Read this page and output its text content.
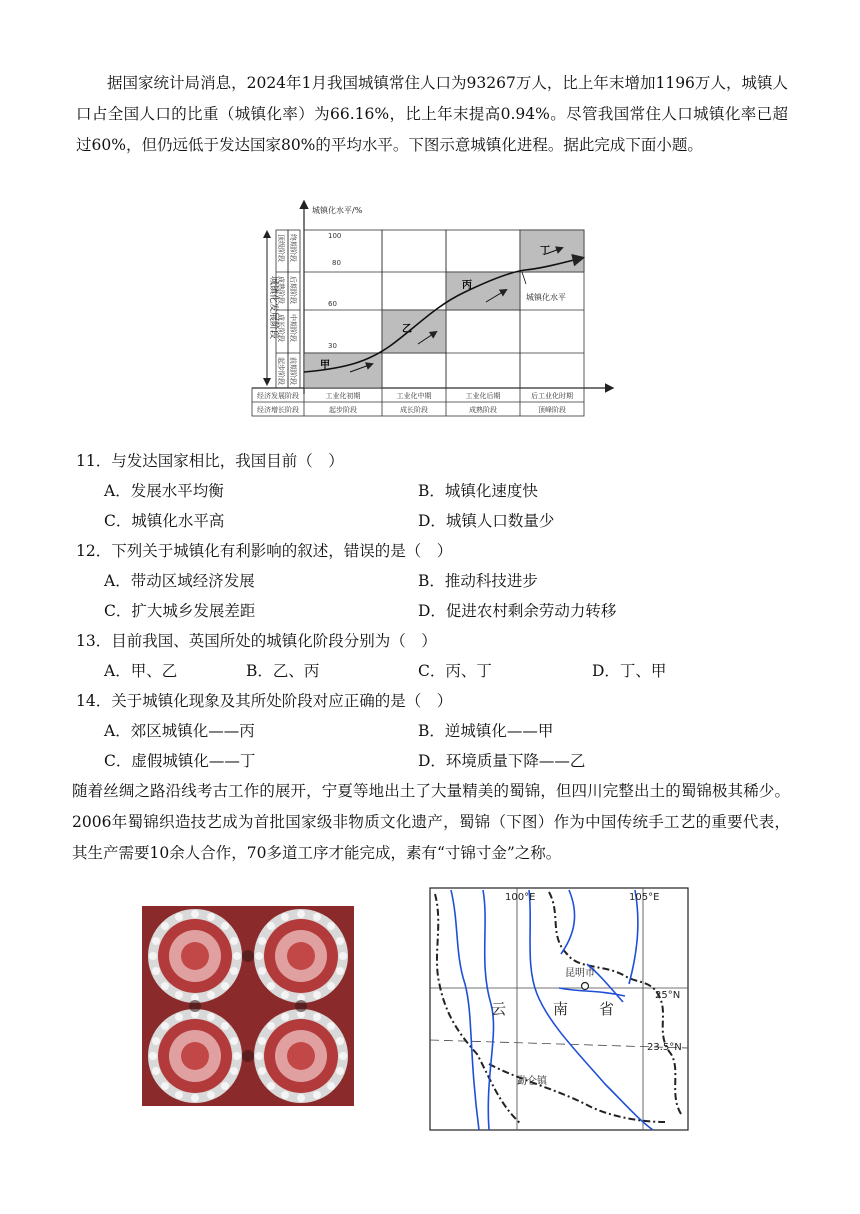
据国家统计局消息，2024年1月我国城镇常住人口为93267万人，比上年末增加1196万人，城镇人口占全国人口的比重（城镇化率）为66.16%，比上年末提高0.94%。尽管我国常住人口城镇化率已超过60%，但仍远低于发达国家80%的平均水平。下图示意城镇化进程。据此完成下面小题。
城镇化发展阶段
城镇化水平/%
甲
乙
丙
丁
100
80
60
30
顶级阶段
成熟阶段
成长阶段
起步阶段
终期阶段
后期阶段
中期阶段
前期阶段
城镇化水平
经济发展阶段	工业化初期	工业化中期	工业化后期	后工业化时期
经济增长阶段	起步阶段	成长阶段	成熟阶段	顶峰阶段
11．与发达国家相比，我国目前（　）
A．发展水平均衡	B．城镇化速度快
C．城镇化水平高	D．城镇人口数量少
12．下列关于城镇化有利影响的叙述，错误的是（　）
A．带动区域经济发展	B．推动科技进步
C．扩大城乡发展差距	D．促进农村剩余劳动力转移
13．目前我国、英国所处的城镇化阶段分别为（　）
A．甲、乙	B．乙、丙	C．丙、丁	D．丁、甲
14．关于城镇化现象及其所处阶段对应正确的是（　）
A．郊区城镇化——丙	B．逆城镇化——甲
C．虚假城镇化——丁	D．环境质量下降——乙
随着丝绸之路沿线考古工作的展开，宁夏等地出土了大量精美的蜀锦，但四川完整出土的蜀锦极其稀少。2006年蜀锦织造技艺成为首批国家级非物质文化遗产，蜀锦（下图）作为中国传统手工艺的重要代表，其生产需要10余人合作，70多道工序才能完成，素有“寸锦寸金”之称。
100°E	105°E
25°N
23.5°N
昆明市
勐仑镇
云	南 省
